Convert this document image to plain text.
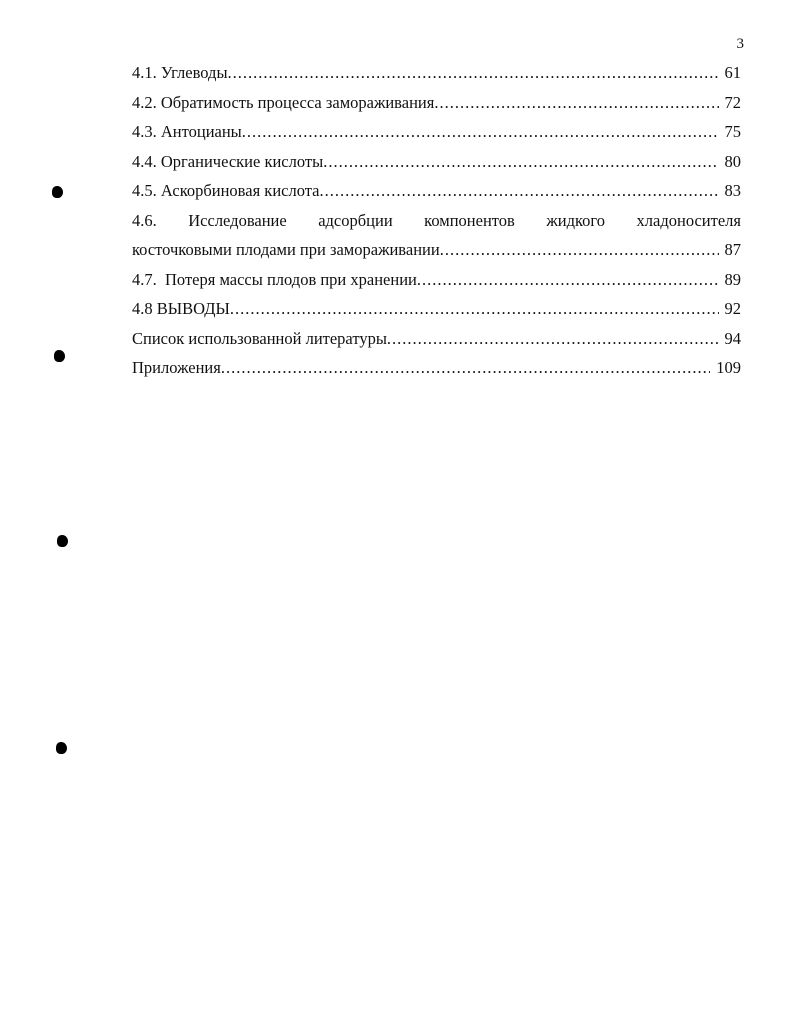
3
4.1. Углеводы .....	61
4.2. Обратимость процесса замораживания .....	72
4.3. Антоцианы .....	75
4.4. Органические кислоты .....	80
4.5. Аскорбиновая кислота .....	83
4.6. Исследование адсорбции компонентов жидкого хладоносителя
косточковыми плодами при замораживании .....	87
4.7.  Потеря массы плодов при хранении .....	89
4.8 ВЫВОДЫ .....	92
Список использованной литературы .....	94
Приложения .....	109
